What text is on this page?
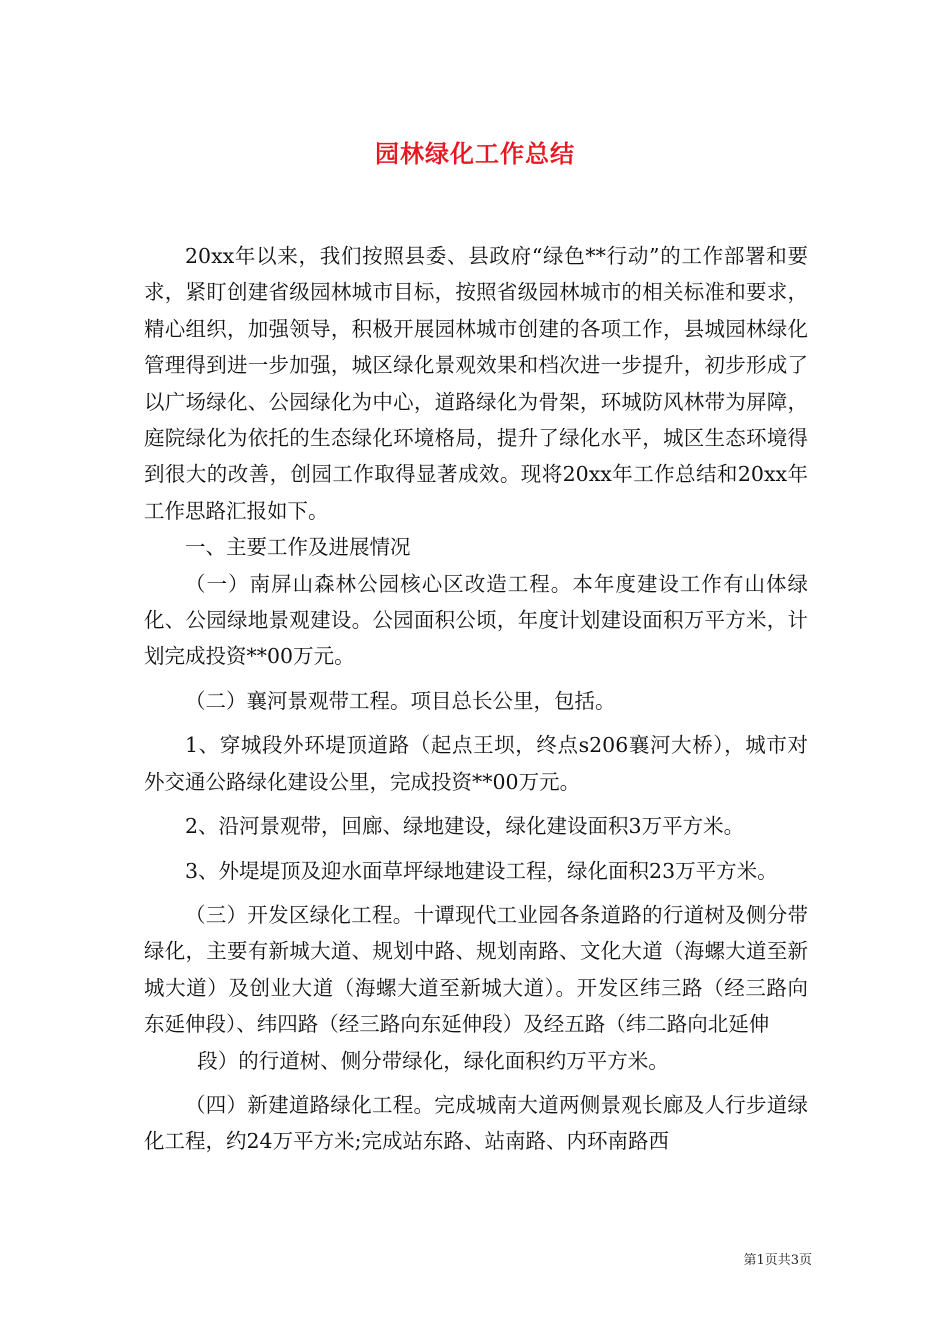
园林绿化工作总结

20xx年以来，我们按照县委、县政府“绿色**行动”的工作部署和要求，紧盯创建省级园林城市目标，按照省级园林城市的相关标准和要求，精心组织，加强领导，积极开展园林城市创建的各项工作，县城园林绿化管理得到进一步加强，城区绿化景观效果和档次进一步提升，初步形成了以广场绿化、公园绿化为中心，道路绿化为骨架，环城防风林带为屏障，庭院绿化为依托的生态绿化环境格局，提升了绿化水平，城区生态环境得到很大的改善，创园工作取得显著成效。现将20xx年工作总结和20xx年工作思路汇报如下。

一、主要工作及进展情况

（一）南屏山森林公园核心区改造工程。本年度建设工作有山体绿化、公园绿地景观建设。公园面积公顷，年度计划建设面积万平方米，计划完成投资**00万元。

（二）襄河景观带工程。项目总长公里，包括。

1、穿城段外环堤顶道路（起点王坝，终点s206襄河大桥），城市对外交通公路绿化建设公里，完成投资**00万元。

2、沿河景观带，回廊、绿地建设，绿化建设面积3万平方米。

3、外堤堤顶及迎水面草坪绿地建设工程，绿化面积23万平方米。

（三）开发区绿化工程。十谭现代工业园各条道路的行道树及侧分带绿化，主要有新城大道、规划中路、规划南路、文化大道（海螺大道至新城大道）及创业大道（海螺大道至新城大道）。开发区纬三路（经三路向东延伸段）、纬四路（经三路向东延伸段）及经五路（纬二路向北延伸

段）的行道树、侧分带绿化，绿化面积约万平方米。

（四）新建道路绿化工程。完成城南大道两侧景观长廊及人行步道绿化工程，约24万平方米;完成站东路、站南路、内环南路西

第1页共3页
